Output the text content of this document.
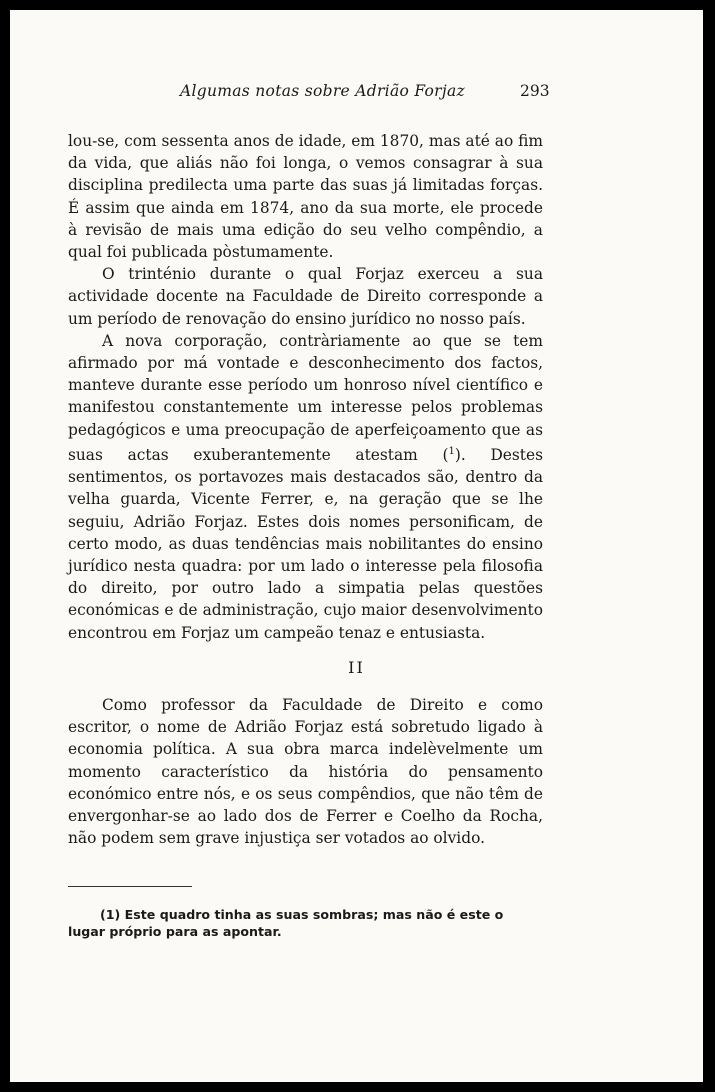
Algumas notas sobre Adrião Forjaz	293

lou-se, com sessenta anos de idade, em 1870, mas até ao fim da vida, que aliás não foi longa, o vemos consagrar à sua disciplina predilecta uma parte das suas já limitadas forças. É assim que ainda em 1874, ano da sua morte, ele procede à revisão de mais uma edição do seu velho compêndio, a qual foi publicada pòstumamente.

O trinténio durante o qual Forjaz exerceu a sua actividade docente na Faculdade de Direito corresponde a um período de renovação do ensino jurídico no nosso país.

A nova corporação, contràriamente ao que se tem afirmado por má vontade e desconhecimento dos factos, manteve durante esse período um honroso nível científico e manifestou constantemente um interesse pelos problemas pedagógicos e uma preocupação de aperfeiçoamento que as suas actas exuberantemente atestam ($^1$). Destes sentimentos, os portavozes mais destacados são, dentro da velha guarda, Vicente Ferrer, e, na geração que se lhe seguiu, Adrião Forjaz. Estes dois nomes personificam, de certo modo, as duas tendências mais nobilitantes do ensino jurídico nesta quadra: por um lado o interesse pela filosofia do direito, por outro lado a simpatia pelas questões económicas e de administração, cujo maior desenvolvimento encontrou em Forjaz um campeão tenaz e entusiasta.

II

Como professor da Faculdade de Direito e como escritor, o nome de Adrião Forjaz está sobretudo ligado à economia política. A sua obra marca indelèvelmente um momento característico da história do pensamento económico entre nós, e os seus compêndios, que não têm de envergonhar-se ao lado dos de Ferrer e Coelho da Rocha, não podem sem grave injustiça ser votados ao olvido.

(1) Este quadro tinha as suas sombras; mas não é este o lugar próprio para as apontar.
